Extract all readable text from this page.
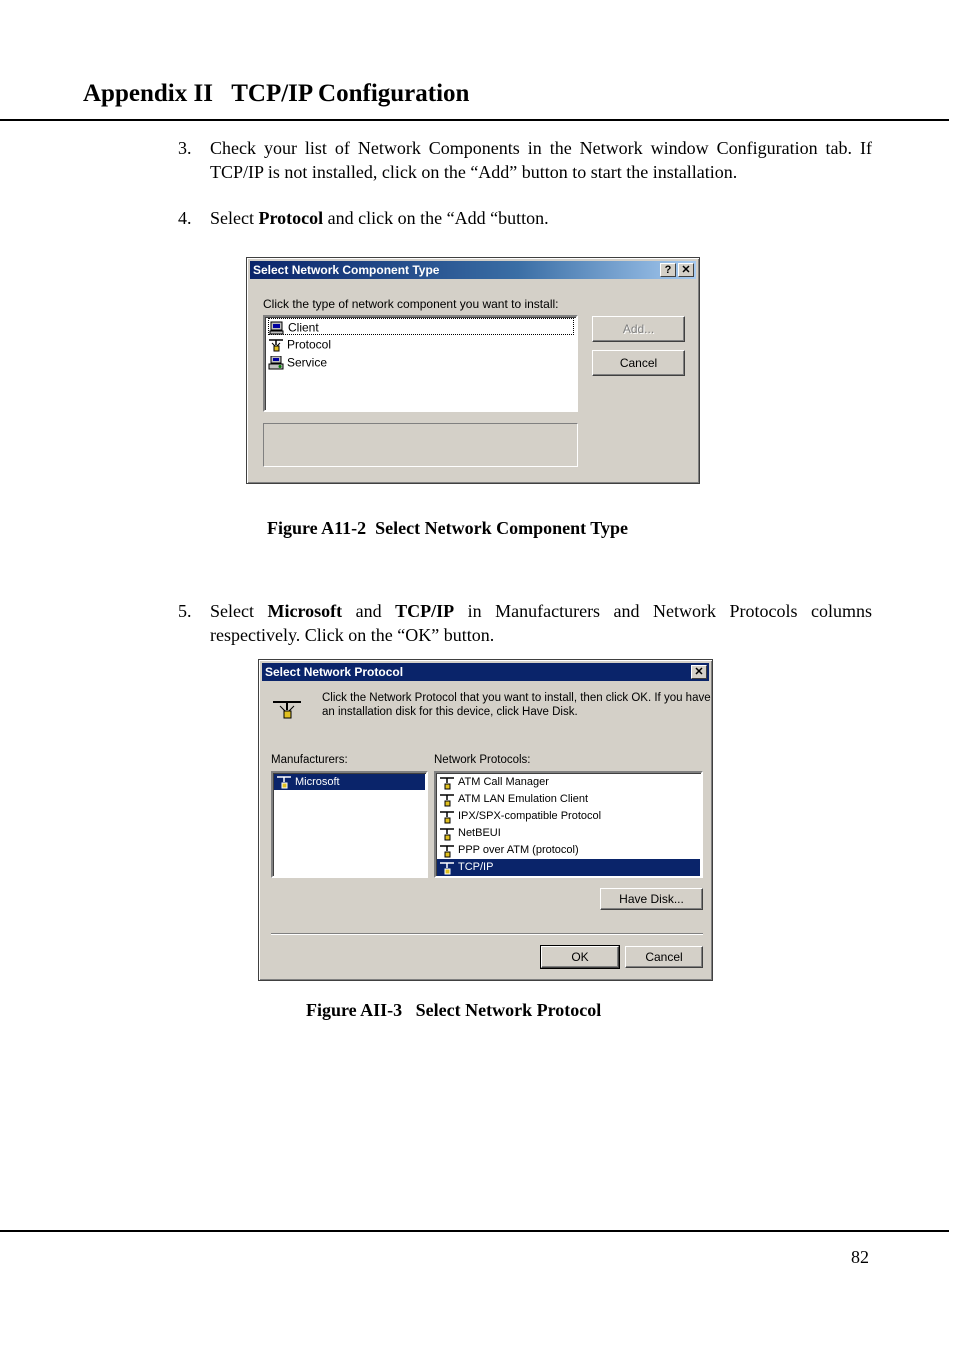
Appendix II   TCP/IP Configuration
3. Check your list of Network Components in the Network window Configuration tab. If TCP/IP is not installed, click on the “Add” button to start the installation.
4. Select Protocol and click on the “Add “button.
Select Network Component Type	? ✕
Click the type of network component you want to install:
Client
Protocol
Service
Add...
Cancel
Figure A11-2  Select Network Component Type
5. Select Microsoft and TCP/IP in Manufacturers and Network Protocols columns respectively. Click on the “OK” button.
Select Network Protocol	✕
Click the Network Protocol that you want to install, then click OK. If you have
an installation disk for this device, click Have Disk.
Manufacturers:	Network Protocols:
Microsoft	ATM Call Manager
ATM LAN Emulation Client
IPX/SPX-compatible Protocol
NetBEUI
PPP over ATM (protocol)
TCP/IP
Have Disk...
OK	Cancel
Figure AII-3   Select Network Protocol
82
